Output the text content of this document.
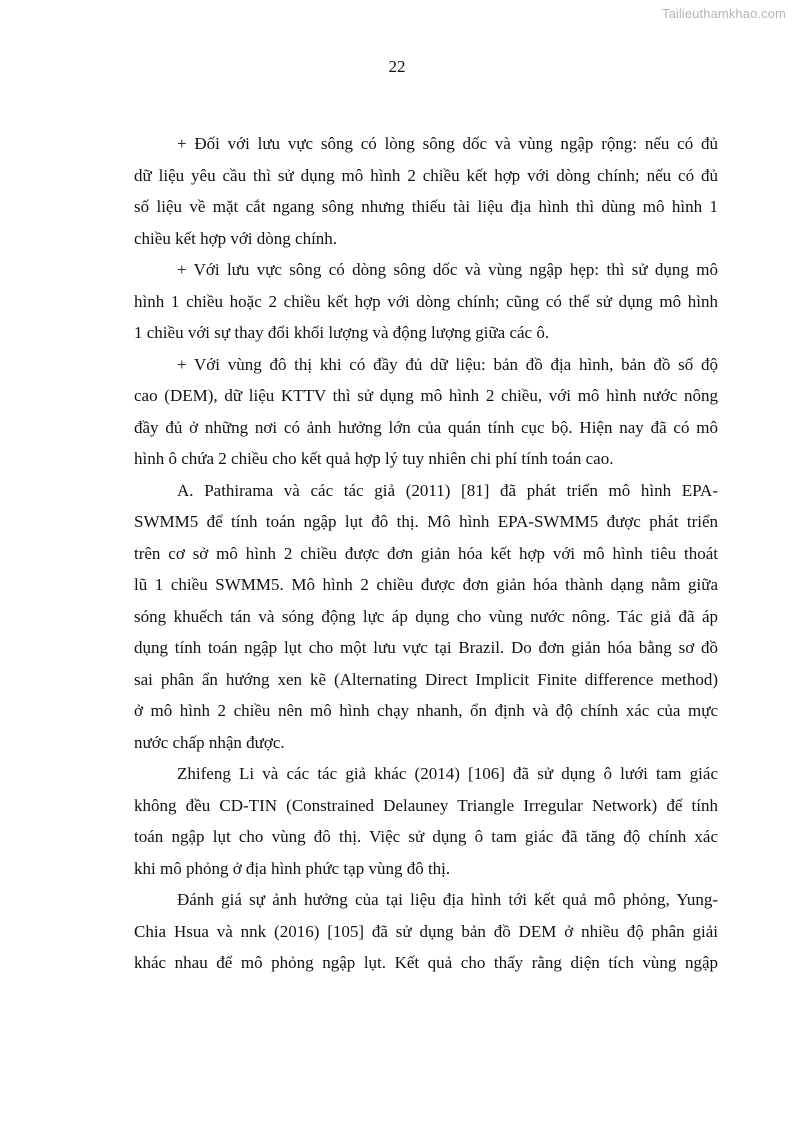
Tailieuthamkhao.com
22

+ Đối với lưu vực sông có lòng sông dốc và vùng ngập rộng: nếu có đủ
dữ liệu yêu cầu thì sử dụng mô hình 2 chiều kết hợp với dòng chính; nếu có đủ
số liệu về mặt cắt ngang sông nhưng thiếu tài liệu địa hình thì dùng mô hình 1
chiều kết hợp với dòng chính.

+ Với lưu vực sông có dòng sông dốc và vùng ngập hẹp: thì sử dụng mô
hình 1 chiều hoặc 2 chiều kết hợp với dòng chính; cũng có thể sử dụng mô hình
1 chiều với sự thay đổi khối lượng và động lượng giữa các ô.

+ Với vùng đô thị khi có đầy đủ dữ liệu: bản đồ địa hình, bản đồ số độ
cao (DEM), dữ liệu KTTV thì sử dụng mô hình 2 chiều, với mô hình nước nông
đầy đủ ở những nơi có ảnh hưởng lớn của quán tính cục bộ. Hiện nay đã có mô
hình ô chứa 2 chiều cho kết quả hợp lý tuy nhiên chi phí tính toán cao.

A. Pathirama và các tác giả (2011) [81] đã phát triển mô hình EPA-
SWMM5 để tính toán ngập lụt đô thị. Mô hình EPA-SWMM5 được phát triển
trên cơ sở mô hình 2 chiều được đơn giản hóa kết hợp với mô hình tiêu thoát
lũ 1 chiều SWMM5. Mô hình 2 chiều được đơn giản hóa thành dạng nằm giữa
sóng khuếch tán và sóng động lực áp dụng cho vùng nước nông. Tác giả đã áp
dụng tính toán ngập lụt cho một lưu vực tại Brazil. Do đơn giản hóa bằng sơ đồ
sai phân ẩn hướng xen kẽ (Alternating Direct Implicit Finite difference method)
ở mô hình 2 chiều nên mô hình chạy nhanh, ổn định và độ chính xác của mực
nước chấp nhận được.

Zhifeng Li và các tác giả khác (2014) [106] đã sử dụng ô lưới tam giác
không đều CD-TIN (Constrained Delauney Triangle Irregular Network) để tính
toán ngập lụt cho vùng đô thị. Việc sử dụng ô tam giác đã tăng độ chính xác
khi mô phỏng ở địa hình phức tạp vùng đô thị.

Đánh giá sự ảnh hưởng của tại liệu địa hình tới kết quả mô phỏng, Yung-
Chia Hsua và nnk (2016) [105] đã sử dụng bản đồ DEM ở nhiều độ phân giải
khác nhau để mô phỏng ngập lụt. Kết quả cho thấy rằng diện tích vùng ngập
